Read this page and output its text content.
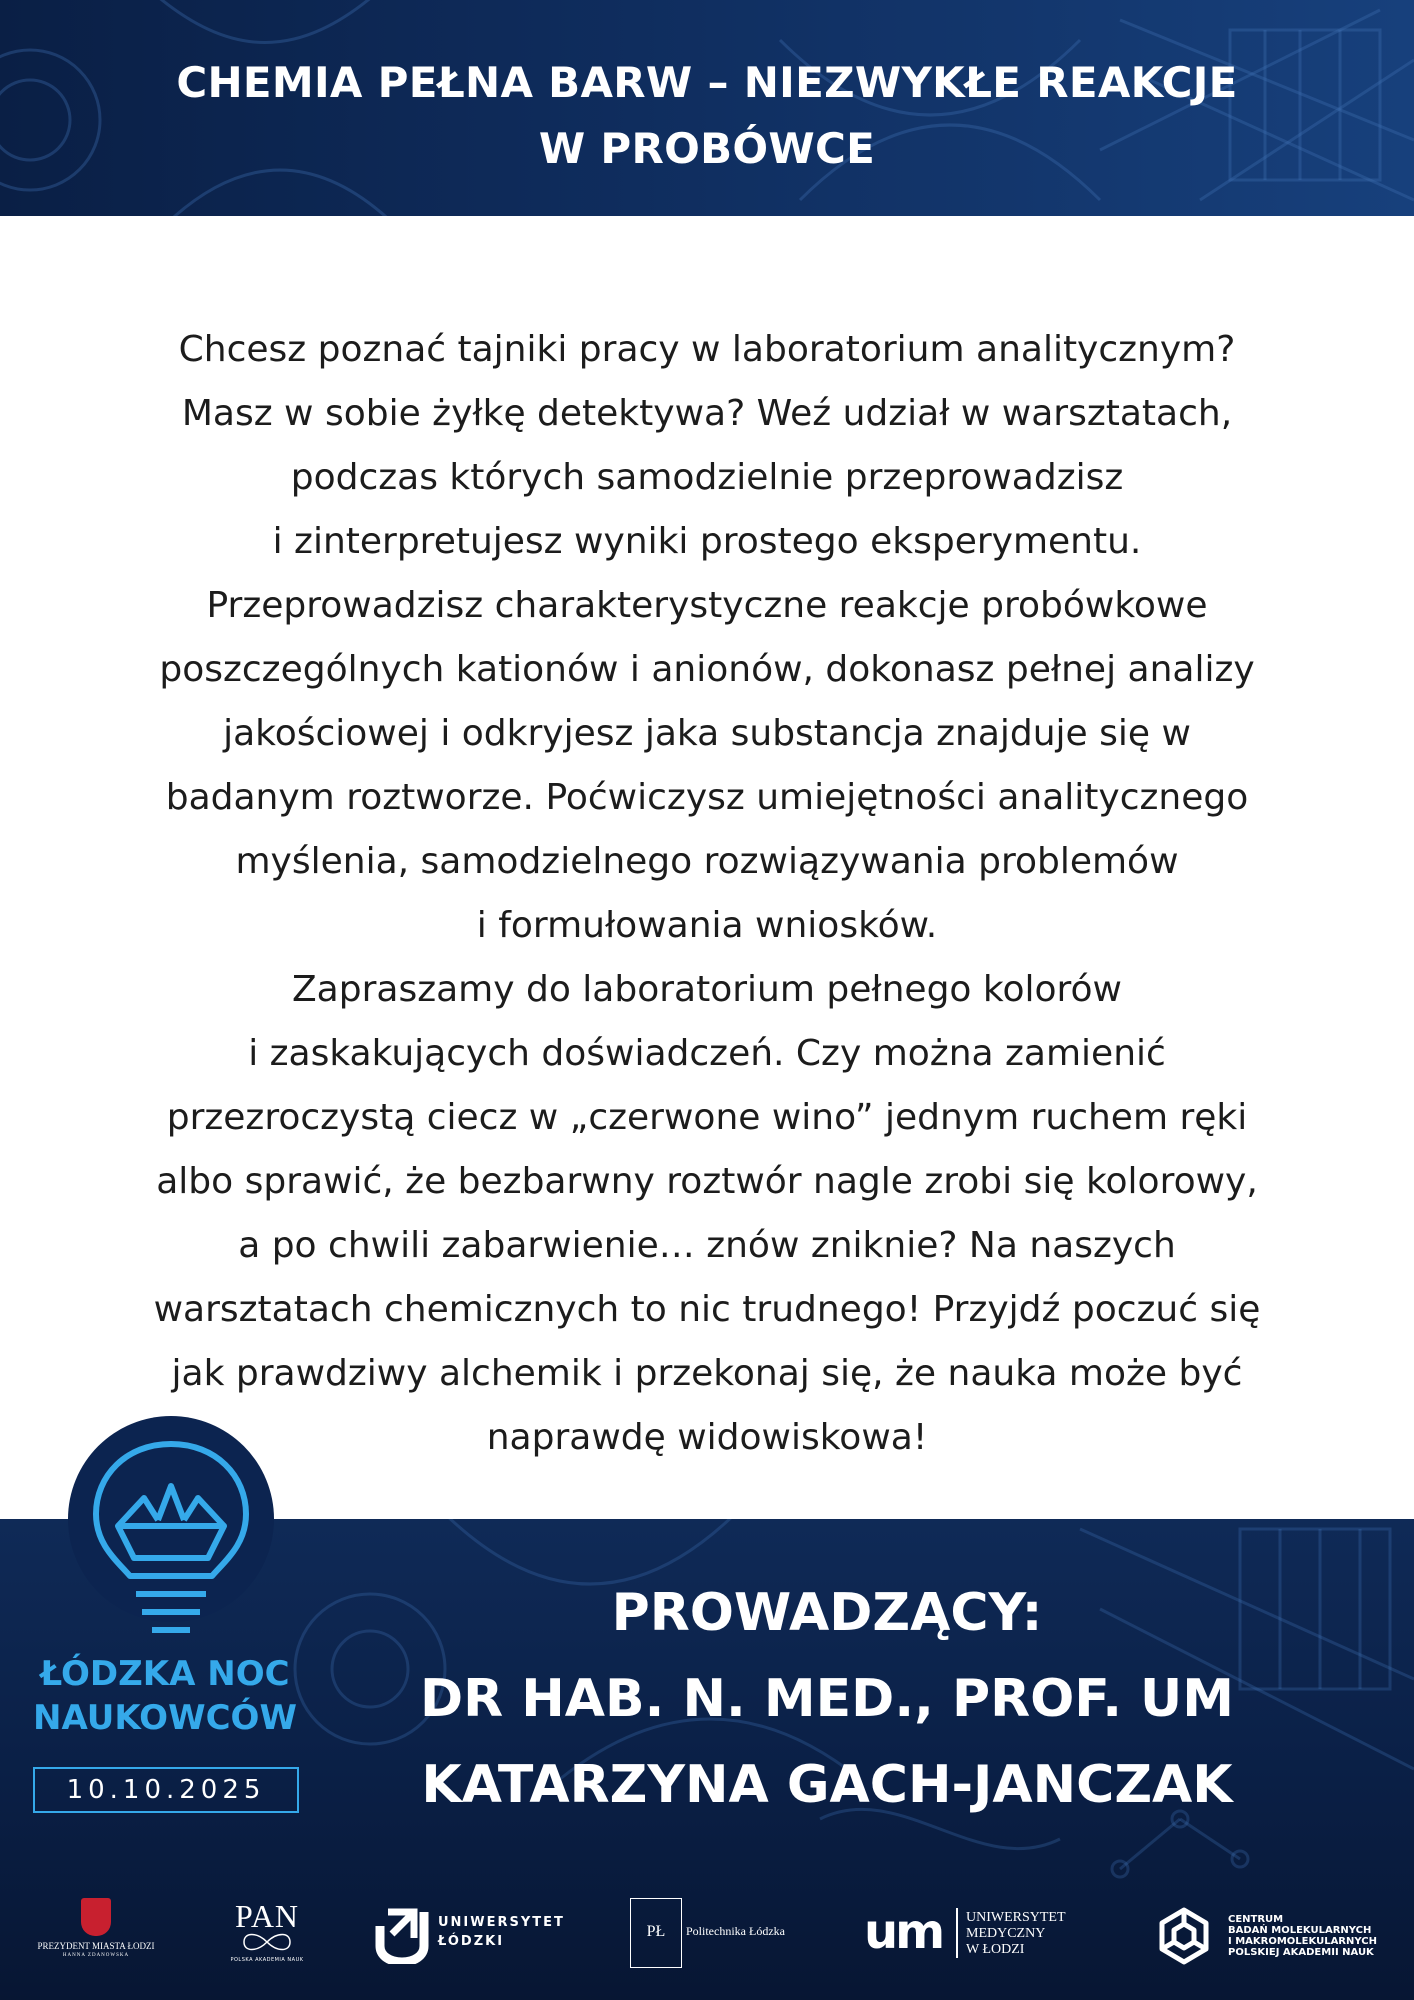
CHEMIA PEŁNA BARW – NIEZWYKŁE REAKCJE
W PROBÓWCE
Chcesz poznać tajniki pracy w laboratorium analitycznym?
Masz w sobie żyłkę detektywa? Weź udział w warsztatach,
podczas których samodzielnie przeprowadzisz
i zinterpretujesz wyniki prostego eksperymentu.
Przeprowadzisz charakterystyczne reakcje probówkowe
poszczególnych kationów i anionów, dokonasz pełnej analizy
jakościowej i odkryjesz jaka substancja znajduje się w
badanym roztworze. Poćwiczysz umiejętności analitycznego
myślenia, samodzielnego rozwiązywania problemów
i formułowania wniosków.
Zapraszamy do laboratorium pełnego kolorów
i zaskakujących doświadczeń. Czy można zamienić
przezroczystą ciecz w „czerwone wino” jednym ruchem ręki
albo sprawić, że bezbarwny roztwór nagle zrobi się kolorowy,
a po chwili zabarwienie… znów zniknie? Na naszych
warsztatach chemicznych to nic trudnego! Przyjdź poczuć się
jak prawdziwy alchemik i przekonaj się, że nauka może być
naprawdę widowiskowa!
ŁÓDZKA NOC
NAUKOWCÓW
10.10.2025
PROWADZĄCY:
DR HAB. N. MED., PROF. UM
KATARZYNA GACH-JANCZAK
PREZYDENT MIASTA ŁODZI
HANNA ZDANOWSKA
PAN
POLSKA AKADEMIA NAUK
UNIWERSYTET
ŁÓDZKI
PŁ	Politechnika Łódzka um UNIWERSYTET
MEDYCZNY
W ŁODZI
CENTRUM
BADAŃ MOLEKULARNYCH
I MAKROMOLEKULARNYCH
POLSKIEJ AKADEMII NAUK
